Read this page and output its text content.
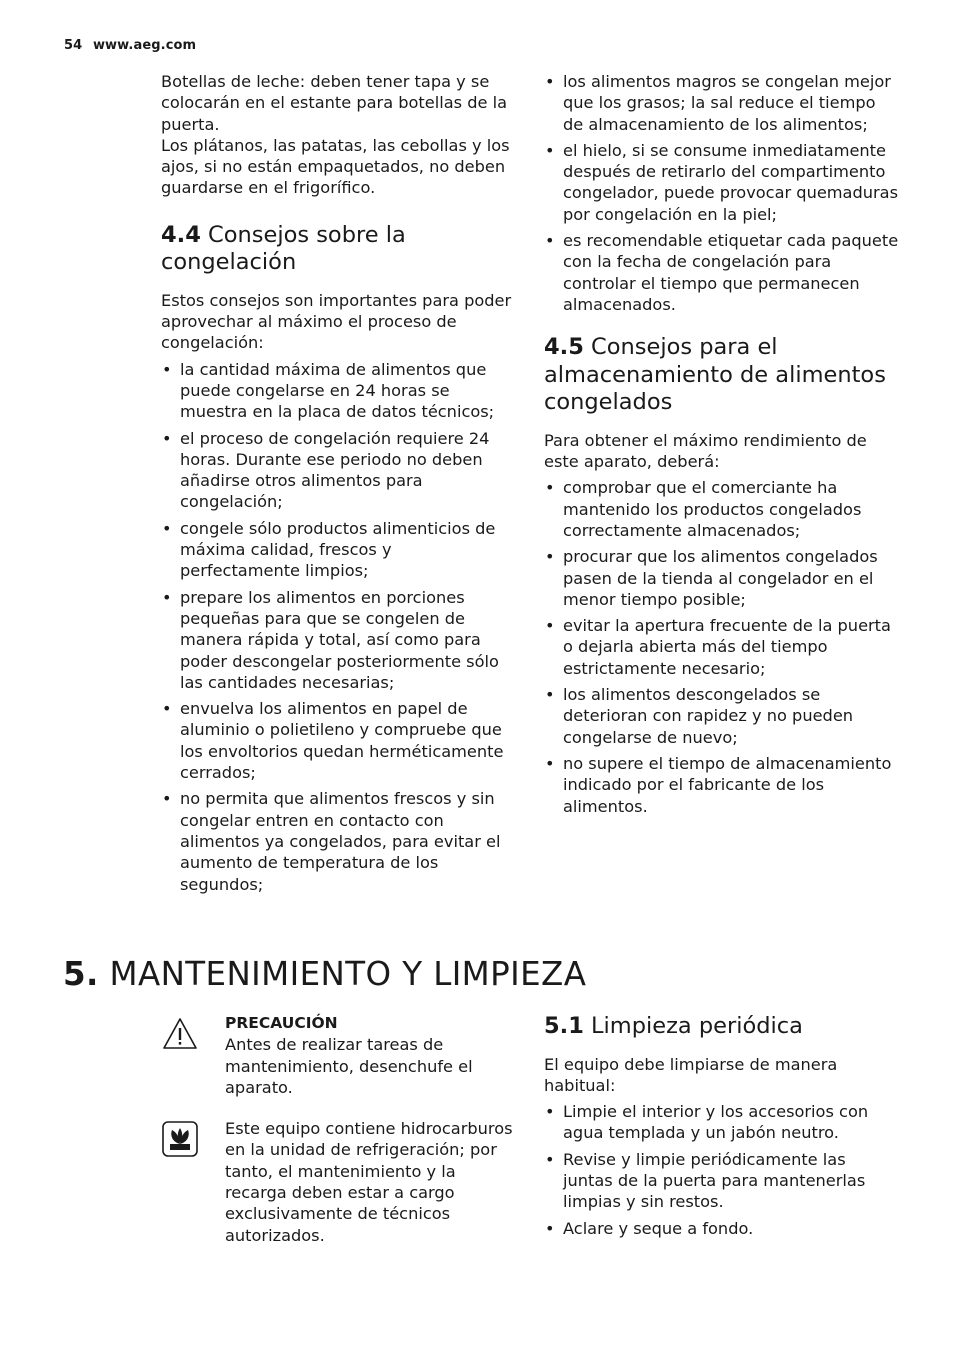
54 www.aeg.com

Botellas de leche: deben tener tapa y se colocarán en el estante para botellas de la puerta.

Los plátanos, las patatas, las cebollas y los ajos, si no están empaquetados, no deben guardarse en el frigorífico.

4.4 Consejos sobre la congelación

Estos consejos son importantes para poder aprovechar al máximo el proceso de congelación:

• la cantidad máxima de alimentos que puede congelarse en 24 horas se muestra en la placa de datos técnicos;
• el proceso de congelación requiere 24 horas. Durante ese periodo no deben añadirse otros alimentos para congelación;
• congele sólo productos alimenticios de máxima calidad, frescos y perfectamente limpios;
• prepare los alimentos en porciones pequeñas para que se congelen de manera rápida y total, así como para poder descongelar posteriormente sólo las cantidades necesarias;
• envuelva los alimentos en papel de aluminio o polietileno y compruebe que los envoltorios quedan herméticamente cerrados;
• no permita que alimentos frescos y sin congelar entren en contacto con alimentos ya congelados, para evitar el aumento de temperatura de los segundos;
• los alimentos magros se congelan mejor que los grasos; la sal reduce el tiempo de almacenamiento de los alimentos;
• el hielo, si se consume inmediatamente después de retirarlo del compartimento congelador, puede provocar quemaduras por congelación en la piel;
• es recomendable etiquetar cada paquete con la fecha de congelación para controlar el tiempo que permanecen almacenados.
4.5 Consejos para el almacenamiento de alimentos congelados

Para obtener el máximo rendimiento de este aparato, deberá:

• comprobar que el comerciante ha mantenido los productos congelados correctamente almacenados;
• procurar que los alimentos congelados pasen de la tienda al congelador en el menor tiempo posible;
• evitar la apertura frecuente de la puerta o dejarla abierta más del tiempo estrictamente necesario;
• los alimentos descongelados se deterioran con rapidez y no pueden congelarse de nuevo;
• no supere el tiempo de almacenamiento indicado por el fabricante de los alimentos.
5. MANTENIMIENTO Y LIMPIEZA

PRECAUCIÓN

Antes de realizar tareas de mantenimiento, desenchufe el aparato.

Este equipo contiene hidrocarburos en la unidad de refrigeración; por tanto, el mantenimiento y la recarga deben estar a cargo exclusivamente de técnicos autorizados.

5.1 Limpieza periódica

El equipo debe limpiarse de manera habitual:

• Limpie el interior y los accesorios con agua templada y un jabón neutro.
• Revise y limpie periódicamente las juntas de la puerta para mantenerlas limpias y sin restos.
• Aclare y seque a fondo.
